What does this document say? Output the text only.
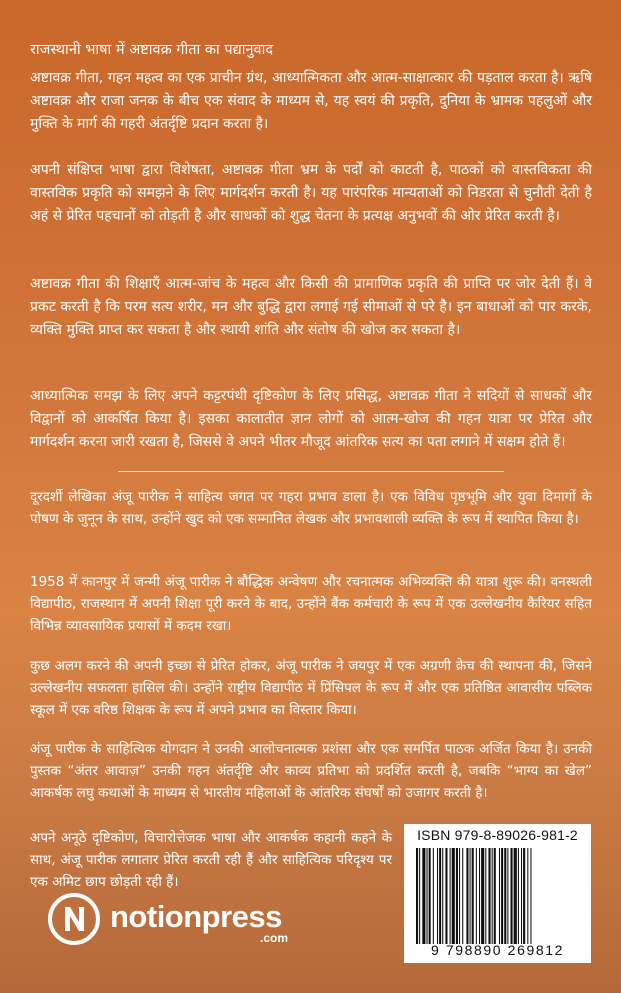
राजस्थानी भाषा में अष्टावक्र गीता का पद्यानुवाद

अष्टावक्र गीता, गहन महत्व का एक प्राचीन ग्रंथ, आध्यात्मिकता और आत्म-साक्षात्कार की पड़ताल करता है। ऋषि अष्टावक्र और राजा जनक के बीच एक संवाद के माध्यम से, यह स्वयं की प्रकृति, दुनिया के भ्रामक पहलुओं और मुक्ति के मार्ग की गहरी अंतर्दृष्टि प्रदान करता है।

अपनी संक्षिप्त भाषा द्वारा विशेषता, अष्टावक्र गीता भ्रम के पर्दों को काटती है, पाठकों को वास्तविकता की वास्तविक प्रकृति को समझने के लिए मार्गदर्शन करती है। यह पारंपरिक मान्यताओं को निडरता से चुनौती देती है अहं से प्रेरित पहचानों को तोड़ती है और साधकों को शुद्ध चेतना के प्रत्यक्ष अनुभवों की ओर प्रेरित करती है।

अष्टावक्र गीता की शिक्षाएँ आत्म-जांच के महत्व और किसी की प्रामाणिक प्रकृति की प्राप्ति पर जोर देती हैं। वे प्रकट करती है कि परम सत्य शरीर, मन और बुद्धि द्वारा लगाई गई सीमाओं से परे है। इन बाधाओं को पार करके, व्यक्ति मुक्ति प्राप्त कर सकता है और स्थायी शांति और संतोष की खोज कर सकता है।

आध्यात्मिक समझ के लिए अपने कट्टरपंथी दृष्टिकोण के लिए प्रसिद्ध, अष्टावक्र गीता ने सदियों से साधकों और विद्वानों को आकर्षित किया है। इसका कालातीत ज्ञान लोगों को आत्म-खोज की गहन यात्रा पर प्रेरित और मार्गदर्शन करना जारी रखता है, जिससे वे अपने भीतर मौजूद आंतरिक सत्य का पता लगाने में सक्षम होते हैं।

दूरदर्शी लेखिका अंजू पारीक ने साहित्य जगत पर गहरा प्रभाव डाला है। एक विविध पृष्ठभूमि और युवा दिमागों के पोषण के जुनून के साथ, उन्होंने खुद को एक सम्मानित लेखक और प्रभावशाली व्यक्ति के रूप में स्थापित किया है।

1958 में कानपुर में जन्मी अंजू पारीक ने बौद्धिक अन्वेषण और रचनात्मक अभिव्यक्ति की यात्रा शुरू की। वनस्थली विद्यापीठ, राजस्थान में अपनी शिक्षा पूरी करने के बाद, उन्होंने बैंक कर्मचारी के रूप में एक उल्लेखनीय कैरियर सहित विभिन्न व्यावसायिक प्रयासों में कदम रखा।

कुछ अलग करने की अपनी इच्छा से प्रेरित होकर, अंजू पारीक ने जयपुर में एक अग्रणी क्रेच की स्थापना की, जिसने उल्लेखनीय सफलता हासिल की। उन्होंने राष्ट्रीय विद्यापीठ में प्रिंसिपल के रूप में और एक प्रतिष्ठित आवासीय पब्लिक स्कूल में एक वरिष्ठ शिक्षक के रूप में अपने प्रभाव का विस्तार किया।

अंजू पारीक के साहित्यिक योगदान ने उनकी आलोचनात्मक प्रशंसा और एक समर्पित पाठक अर्जित किया है। उनकी पुस्तक “अंतर आवाज़” उनकी गहन अंतर्दृष्टि और काव्य प्रतिभा को प्रदर्शित करती है, जबकि “भाग्य का खेल” आकर्षक लघु कथाओं के माध्यम से भारतीय महिलाओं के आंतरिक संघर्षों को उजागर करती है।

अपने अनूठे दृष्टिकोण, विचारोत्तेजक भाषा और आकर्षक कहानी कहने के साथ, अंजू पारीक लगातार प्रेरित करती रही हैं और साहित्यिक परिदृश्य पर एक अमिट छाप छोड़ती रही हैं।

ISBN 979-8-89026-981-2
9 798890 269812
notionpress
.com
